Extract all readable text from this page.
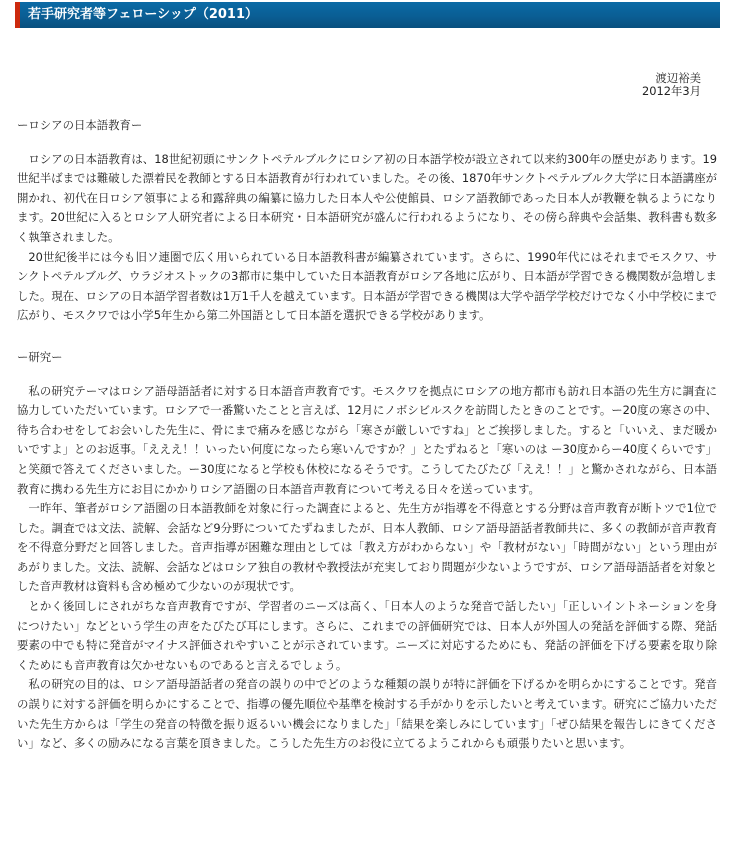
若手研究者等フェローシップ（2011）
渡辺裕美
2012年3月
ーロシアの日本語教育ー

ロシアの日本語教育は、18世紀初頭にサンクトペテルブルクにロシア初の日本語学校が設立されて以来約300年の歴史があります。19世紀半ばまでは難破した漂着民を教師とする日本語教育が行われていました。その後、1870年サンクトペテルブルク大学に日本語講座が開かれ、初代在日ロシア領事による和露辞典の編纂に協力した日本人や公使館員、ロシア語教師であった日本人が教鞭を執るようになります。20世紀に入るとロシア人研究者による日本研究・日本語研究が盛んに行われるようになり、その傍ら辞典や会話集、教科書も数多く執筆されました。

20世紀後半には今も旧ソ連圏で広く用いられている日本語教科書が編纂されています。さらに、1990年代にはそれまでモスクワ、サンクトペテルブルグ、ウラジオストックの3都市に集中していた日本語教育がロシア各地に広がり、日本語が学習できる機関数が急増しました。現在、ロシアの日本語学習者数は1万1千人を越えています。日本語が学習できる機関は大学や語学学校だけでなく小中学校にまで広がり、モスクワでは小学5年生から第二外国語として日本語を選択できる学校があります。

ー研究ー

私の研究テーマはロシア語母語話者に対する日本語音声教育です。モスクワを拠点にロシアの地方都市も訪れ日本語の先生方に調査に協力していただいています。ロシアで一番驚いたことと言えば、12月にノボシビルスクを訪問したときのことです。ー20度の寒さの中、待ち合わせをしてお会いした先生に、骨にまで痛みを感じながら「寒さが厳しいですね」とご挨拶しました。すると「いいえ、まだ暖かいですよ」とのお返事。「えええ！！いったい何度になったら寒いんですか？」とたずねると「寒いのは ー30度からー40度くらいです」と笑顔で答えてくださいました。ー30度になると学校も休校になるそうです。こうしてたびたび「ええ！！」と驚かされながら、日本語教育に携わる先生方にお目にかかりロシア語圏の日本語音声教育について考える日々を送っています。

一昨年、筆者がロシア語圏の日本語教師を対象に行った調査によると、先生方が指導を不得意とする分野は音声教育が断トツで1位でした。調査では文法、読解、会話など9分野についてたずねましたが、日本人教師、ロシア語母語話者教師共に、多くの教師が音声教育を不得意分野だと回答しました。音声指導が困難な理由としては「教え方がわからない」や「教材がない」「時間がない」という理由があがりました。文法、読解、会話などはロシア独自の教材や教授法が充実しており問題が少ないようですが、ロシア語母語話者を対象とした音声教材は資料も含め極めて少ないのが現状です。

とかく後回しにされがちな音声教育ですが、学習者のニーズは高く、「日本人のような発音で話したい」「正しいイントネーションを身につけたい」などという学生の声をたびたび耳にします。さらに、これまでの評価研究では、日本人が外国人の発話を評価する際、発話要素の中でも特に発音がマイナス評価されやすいことが示されています。ニーズに対応するためにも、発話の評価を下げる要素を取り除くためにも音声教育は欠かせないものであると言えるでしょう。

私の研究の目的は、ロシア語母語話者の発音の誤りの中でどのような種類の誤りが特に評価を下げるかを明らかにすることです。発音の誤りに対する評価を明らかにすることで、指導の優先順位や基準を検討する手がかりを示したいと考えています。研究にご協力いただいた先生方からは「学生の発音の特徴を振り返るいい機会になりました」「結果を楽しみにしています」「ぜひ結果を報告しにきてください」など、多くの励みになる言葉を頂きました。こうした先生方のお役に立てるようこれからも頑張りたいと思います。
